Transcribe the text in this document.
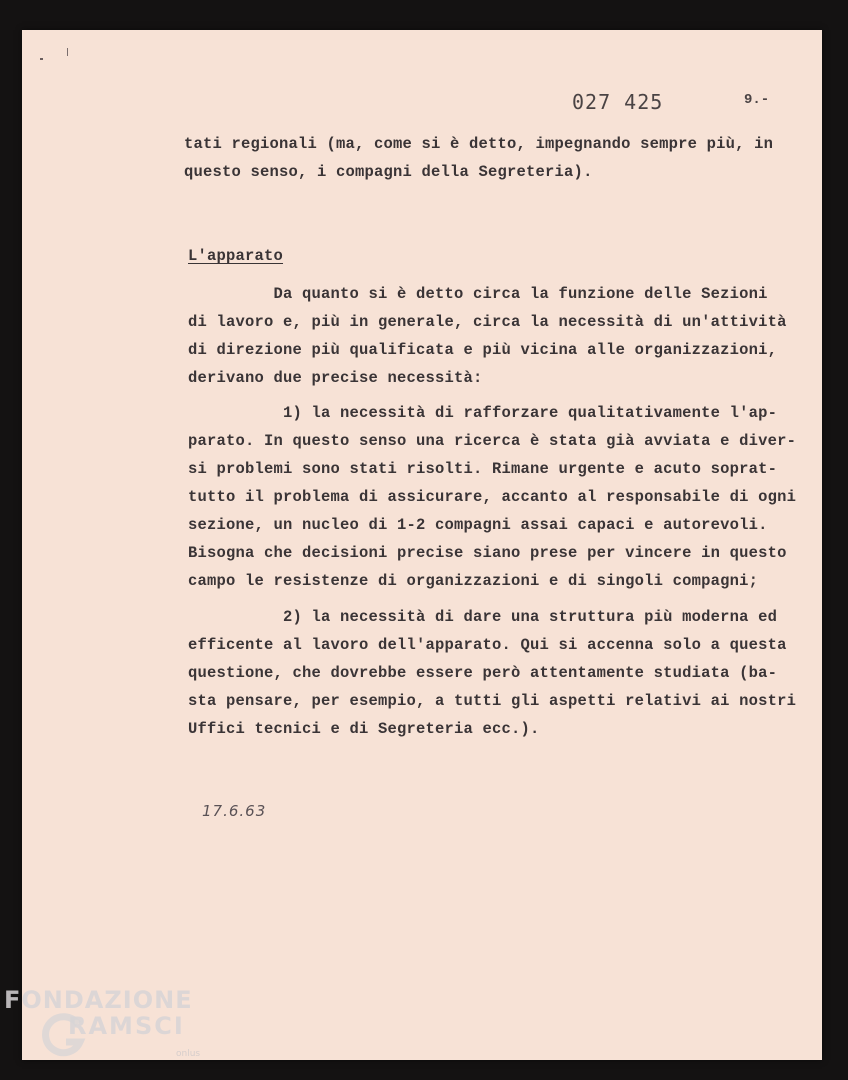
027 425	9.-

tati regionali (ma, come si è detto, impegnando sempre più, in

questo senso, i compagni della Segreteria).

L'apparato

Da quanto si è detto circa la funzione delle Sezioni

di lavoro e, più in generale, circa la necessità di un'attività

di direzione più qualificata e più vicina alle organizzazioni,

derivano due precise necessità:

1) la necessità di rafforzare qualitativamente l'ap-

parato. In questo senso una ricerca è stata già avviata e diver-

si problemi sono stati risolti. Rimane urgente e acuto soprat-

tutto il problema di assicurare, accanto al responsabile di ogni

sezione, un nucleo di 1-2 compagni assai capaci e autorevoli.

Bisogna che decisioni precise siano prese per vincere in questo

campo le resistenze di organizzazioni e di singoli compagni;

2) la necessità di dare una struttura più moderna ed

efficente al lavoro dell'apparato. Qui si accenna solo a questa

questione, che dovrebbe essere però attentamente studiata (ba-

sta pensare, per esempio, a tutti gli aspetti relativi ai nostri

Uffici tecnici e di Segreteria ecc.).

17.6.63
FONDAZIONE
RAMSCI
onlus
